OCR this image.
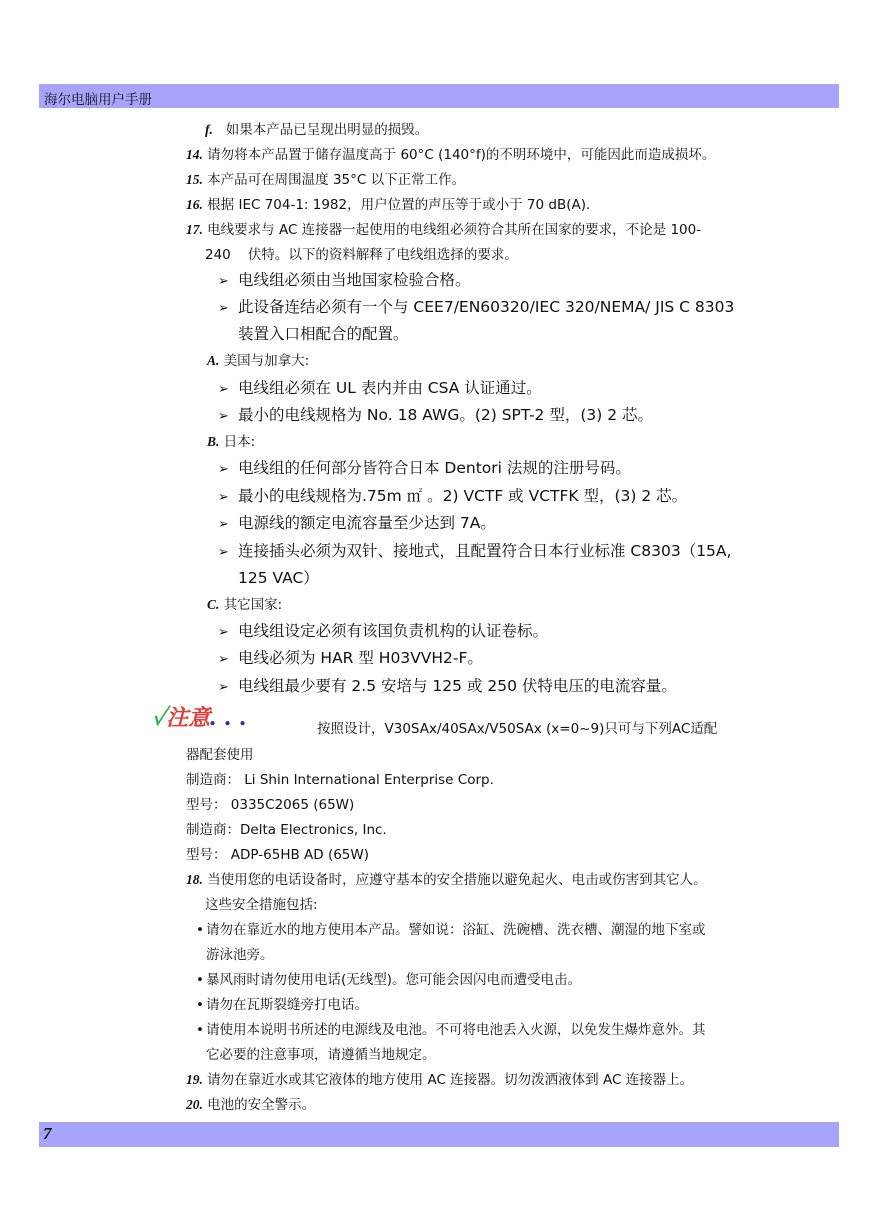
海尔电脑用户手册
f. 如果本产品已呈现出明显的损毁。
14. 请勿将本产品置于储存温度高于 60°C (140°f)的不明环境中，可能因此而造成损坏。
15. 本产品可在周围温度 35°C 以下正常工作。
16. 根据 IEC 704-1: 1982，用户位置的声压等于或小于 70 dB(A).
17. 电线要求与 AC 连接器一起使用的电线组必须符合其所在国家的要求，不论是 100-
240    伏特。以下的资料解释了电线组选择的要求。
➢ 电线组必须由当地国家检验合格。
➢ 此设备连结必须有一个与 CEE7/EN60320/IEC 320/NEMA/ JIS C 8303
装置入口相配合的配置。
A. 美国与加拿大:
➢ 电线组必须在 UL 表内并由 CSA 认证通过。
➢ 最小的电线规格为 No. 18 AWG。(2) SPT-2 型，(3) 2 芯。
B. 日本:
➢ 电线组的任何部分皆符合日本 Dentori 法规的注册号码。
➢ 最小的电线规格为.75m ㎡ 。2) VCTF 或 VCTFK 型，(3) 2 芯。
➢ 电源线的额定电流容量至少达到 7A。
➢ 连接插头必须为双针、接地式，且配置符合日本行业标准 C8303（15A,
125 VAC）
C. 其它国家:
➢ 电线组设定必须有该国负责机构的认证卷标。
➢ 电线必须为 HAR 型 H03VVH2-F。
➢ 电线组最少要有 2.5 安培与 125 或 250 伏特电压的电流容量。
✓注意. . .	按照设计，V30SAx/40SAx/V50SAx (x=0~9)只可与下列AC适配
器配套使用
制造商： Li Shin International Enterprise Corp.
型号： 0335C2065 (65W)
制造商：Delta Electronics, Inc.
型号： ADP-65HB AD (65W)
18. 当使用您的电话设备时，应遵守基本的安全措施以避免起火、电击或伤害到其它人。
这些安全措施包括:
• 请勿在靠近水的地方使用本产品。譬如说：浴缸、洗碗槽、洗衣槽、潮湿的地下室或
游泳池旁。
• 暴风雨时请勿使用电话(无线型)。您可能会因闪电而遭受电击。
• 请勿在瓦斯裂缝旁打电话。
• 请使用本说明书所述的电源线及电池。不可将电池丢入火源，以免发生爆炸意外。其
它必要的注意事项，请遵循当地规定。
19. 请勿在靠近水或其它液体的地方使用 AC 连接器。切勿泼洒液体到 AC 连接器上。
20. 电池的安全警示。
7
